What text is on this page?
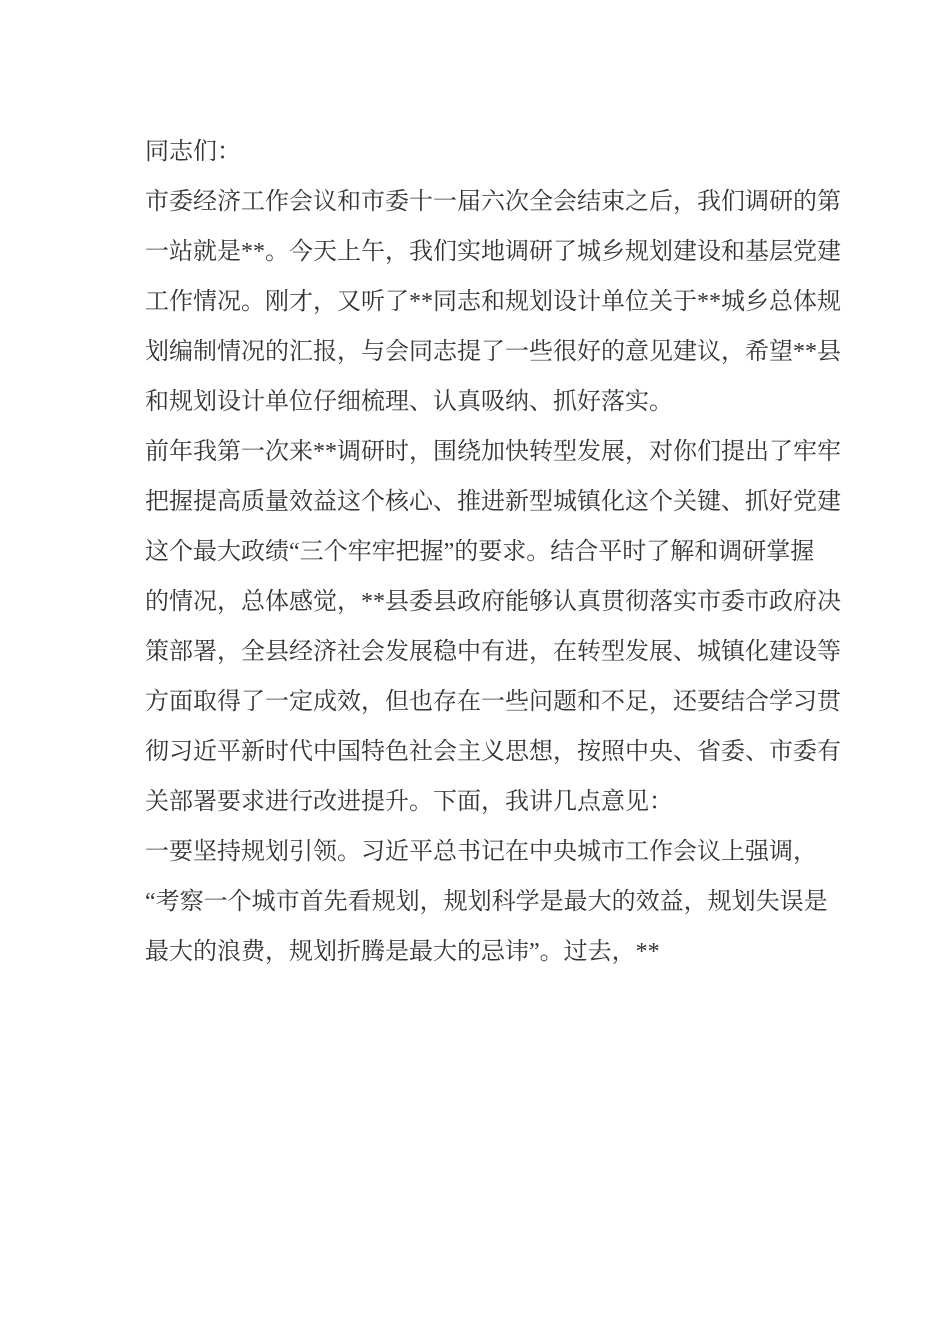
同志们：
市委经济工作会议和市委十一届六次全会结束之后，我们调研的第
一站就是**。今天上午，我们实地调研了城乡规划建设和基层党建
工作情况。刚才，又听了**同志和规划设计单位关于**城乡总体规
划编制情况的汇报，与会同志提了一些很好的意见建议，希望**县
和规划设计单位仔细梳理、认真吸纳、抓好落实。
前年我第一次来**调研时，围绕加快转型发展，对你们提出了牢牢
把握提高质量效益这个核心、推进新型城镇化这个关键、抓好党建
这个最大政绩“三个牢牢把握”的要求。结合平时了解和调研掌握
的情况，总体感觉，**县委县政府能够认真贯彻落实市委市政府决
策部署，全县经济社会发展稳中有进，在转型发展、城镇化建设等
方面取得了一定成效，但也存在一些问题和不足，还要结合学习贯
彻习近平新时代中国特色社会主义思想，按照中央、省委、市委有
关部署要求进行改进提升。下面，我讲几点意见：
一要坚持规划引领。习近平总书记在中央城市工作会议上强调，
“考察一个城市首先看规划，规划科学是最大的效益，规划失误是
最大的浪费，规划折腾是最大的忌讳”。过去，**
